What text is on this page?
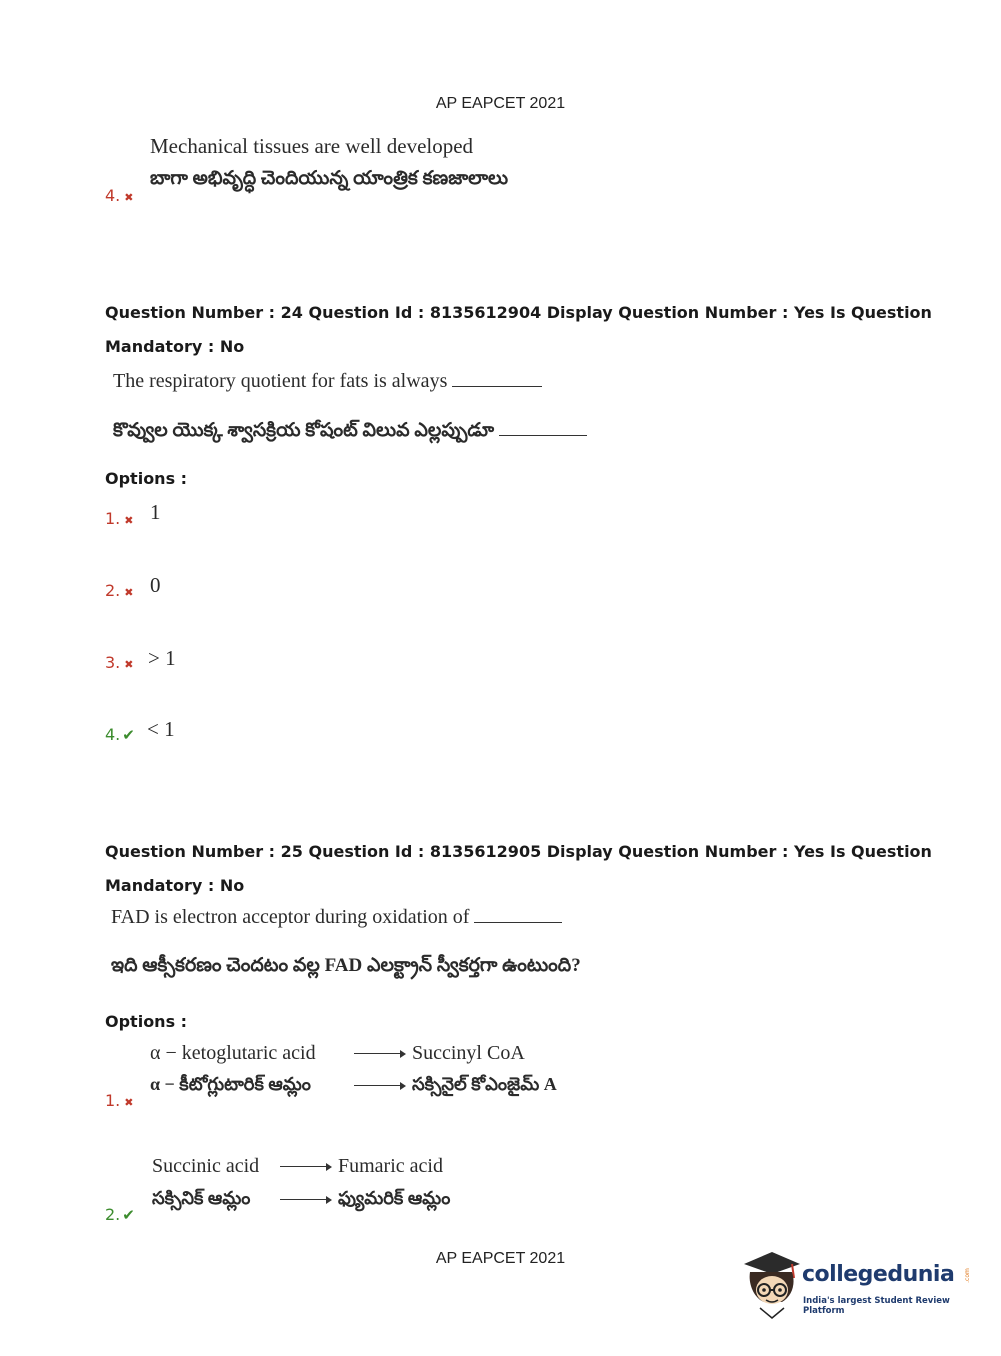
AP EAPCET 2021
Mechanical tissues are well developed
బాగా అభివృద్ధి చెందియున్న యాంత్రిక కణజాలాలు
4. ✖
Question Number : 24 Question Id : 8135612904 Display Question Number : Yes Is Question
Mandatory : No
The respiratory quotient for fats is always
కొవ్వుల యొక్క శ్వాసక్రియ కోషంట్ విలువ ఎల్లప్పుడూ
Options :
1. ✖ 1
2. ✖ 0
3. ✖ > 1
4. ✔ < 1
Question Number : 25 Question Id : 8135612905 Display Question Number : Yes Is Question
Mandatory : No
FAD is electron acceptor during oxidation of
ఇది ఆక్సీకరణం చెందటం వల్ల FAD ఎలక్ట్రాన్ స్వీకర్తగా ఉంటుంది?
Options :
α − ketoglutaric acid	Succinyl CoA
α − కీటోగ్లుటారిక్ ఆమ్లం	సక్సినైల్ కోఎంజైమ్ A
1. ✖
Succinic acid	Fumaric acid
సక్సినిక్ ఆమ్లం	ఫ్యుమరిక్ ఆమ్లం
2. ✔
AP EAPCET 2021
collegedunia .com
India's largest Student Review Platform
